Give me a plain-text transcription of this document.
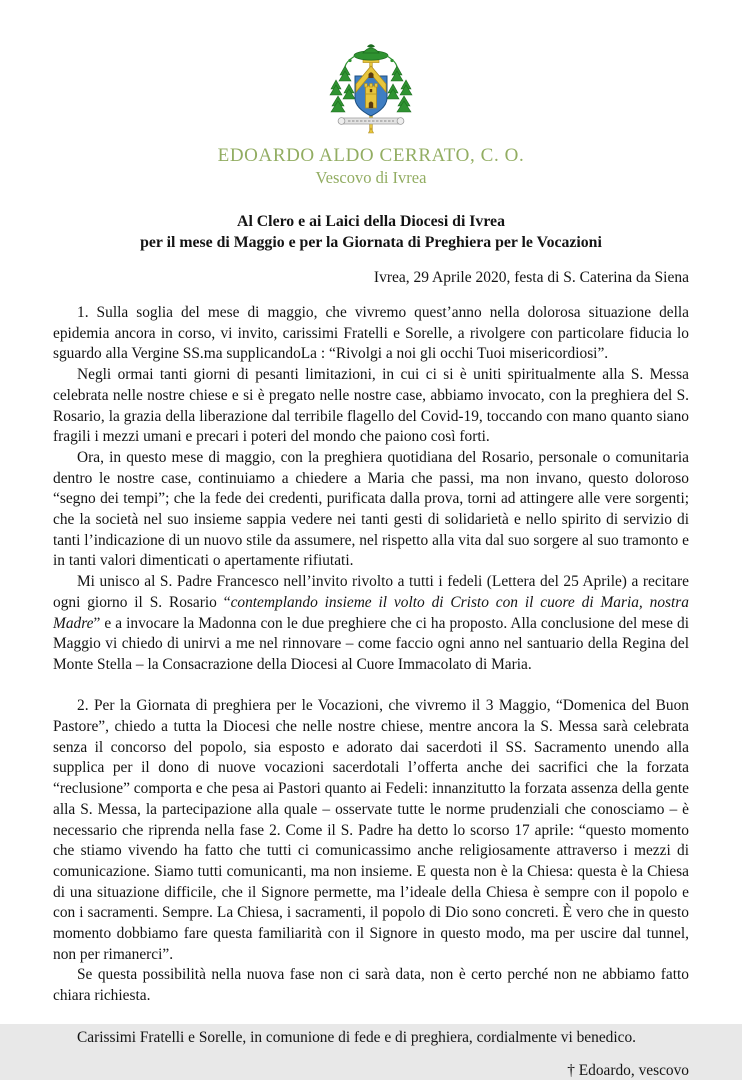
EDOARDO ALDO CERRATO, C. O.
Vescovo di Ivrea
Al Clero e ai Laici della Diocesi di Ivrea
per il mese di Maggio e per la Giornata di Preghiera per le Vocazioni
Ivrea, 29 Aprile 2020, festa di S. Caterina da Siena

1. Sulla soglia del mese di maggio, che vivremo quest’anno nella dolorosa situazione della epidemia ancora in corso, vi invito, carissimi Fratelli e Sorelle, a rivolgere con particolare fiducia lo sguardo alla Vergine SS.ma supplicandoLa : “Rivolgi a noi gli occhi Tuoi misericordiosi”.

Negli ormai tanti giorni di pesanti limitazioni, in cui ci si è uniti spiritualmente alla S. Messa celebrata nelle nostre chiese e si è pregato nelle nostre case, abbiamo invocato, con la preghiera del S. Rosario, la grazia della liberazione dal terribile flagello del Covid-19, toccando con mano quanto siano fragili i mezzi umani e precari i poteri del mondo che paiono così forti.

Ora, in questo mese di maggio, con la preghiera quotidiana del Rosario, personale o comunitaria dentro le nostre case, continuiamo a chiedere a Maria che passi, ma non invano, questo doloroso “segno dei tempi”; che la fede dei credenti, purificata dalla prova, torni ad attingere alle vere sorgenti; che la società nel suo insieme sappia vedere nei tanti gesti di solidarietà e nello spirito di servizio di tanti l’indicazione di un nuovo stile da assumere, nel rispetto alla vita dal suo sorgere al suo tramonto e in tanti valori dimenticati o apertamente rifiutati.

Mi unisco al S. Padre Francesco nell’invito rivolto a tutti i fedeli (Lettera del 25 Aprile) a recitare ogni giorno il S. Rosario “contemplando insieme il volto di Cristo con il cuore di Maria, nostra Madre” e a invocare la Madonna con le due preghiere che ci ha proposto. Alla conclusione del mese di Maggio vi chiedo di unirvi a me nel rinnovare – come faccio ogni anno nel santuario della Regina del Monte Stella – la Consacrazione della Diocesi al Cuore Immacolato di Maria.

2. Per la Giornata di preghiera per le Vocazioni, che vivremo il 3 Maggio, “Domenica del Buon Pastore”, chiedo a tutta la Diocesi che nelle nostre chiese, mentre ancora la S. Messa sarà celebrata senza il concorso del popolo, sia esposto e adorato dai sacerdoti il SS. Sacramento unendo alla supplica per il dono di nuove vocazioni sacerdotali l’offerta anche dei sacrifici che la forzata “reclusione” comporta e che pesa ai Pastori quanto ai Fedeli: innanzitutto la forzata assenza della gente alla S. Messa, la partecipazione alla quale – osservate tutte le norme prudenziali che conosciamo – è necessario che riprenda nella fase 2. Come il S. Padre ha detto lo scorso 17 aprile: “questo momento che stiamo vivendo ha fatto che tutti ci comunicassimo anche religiosamente attraverso i mezzi di comunicazione. Siamo tutti comunicanti, ma non insieme. E questa non è la Chiesa: questa è la Chiesa di una situazione difficile, che il Signore permette, ma l’ideale della Chiesa è sempre con il popolo e con i sacramenti. Sempre. La Chiesa, i sacramenti, il popolo di Dio sono concreti. È vero che in questo momento dobbiamo fare questa familiarità con il Signore in questo modo, ma per uscire dal tunnel, non per rimanerci”.

Se questa possibilità nella nuova fase non ci sarà data, non è certo perché non ne abbiamo fatto chiara richiesta.

Carissimi Fratelli e Sorelle, in comunione di fede e di preghiera, cordialmente vi benedico.

† Edoardo, vescovo
